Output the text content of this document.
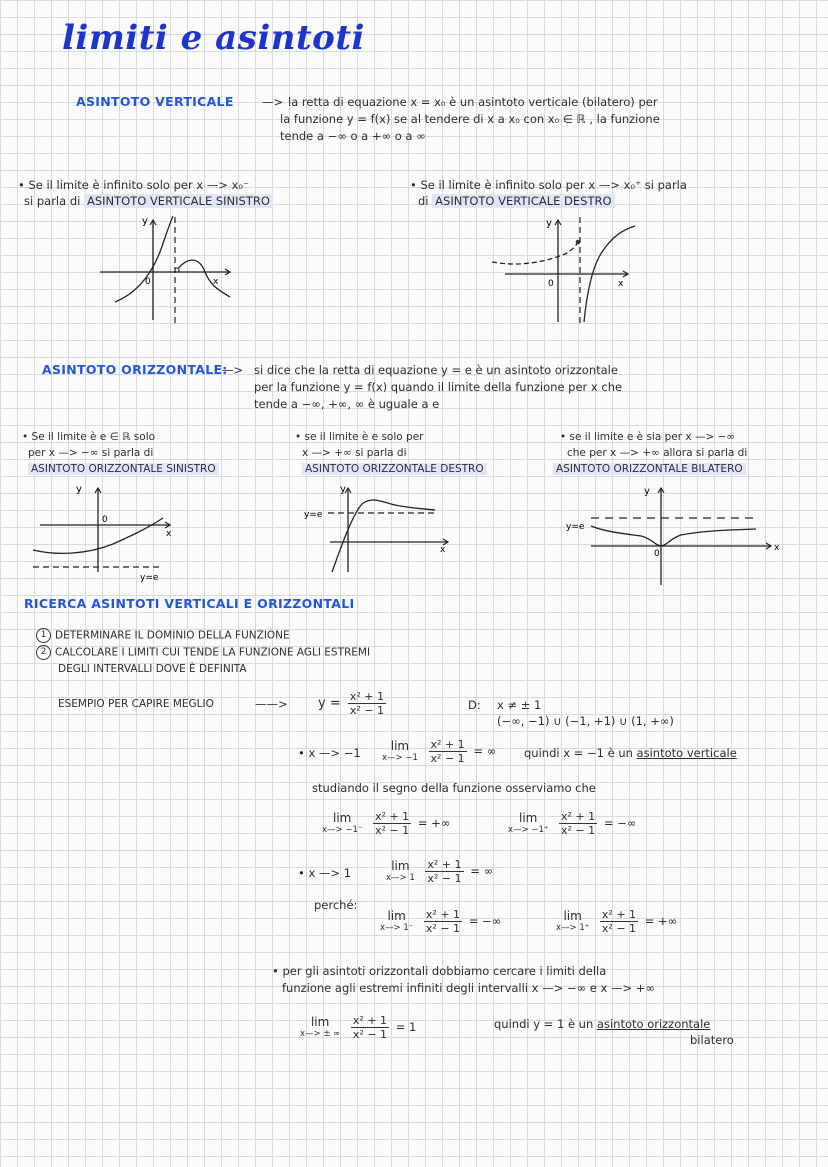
limiti e asintoti
ASINTOTO VERTICALE —> la retta di equazione x = x₀ è un asintoto verticale (bilatero) per
la funzione y = f(x) se al tendere di x a x₀ con x₀ ∈ ℝ , la funzione
tende a −∞ o a +∞ o a ∞
• Se il limite è infinito solo per x —> x₀⁻
si parla di ASINTOTO VERTICALE SINISTRO
• Se il limite è infinito solo per x —> x₀⁺ si parla
di ASINTOTO VERTICALE DESTRO
y
0	x
y
0	x
ASINTOTO ORIZZONTALE:
—> si dice che la retta di equazione y = e è un asintoto orizzontale
per la funzione y = f(x) quando il limite della funzione per x che
tende a −∞, +∞, ∞ è uguale a e
• Se il limite è e ∈ ℝ solo
per x —> −∞ si parla di
ASINTOTO ORIZZONTALE SINISTRO
• se il limite è e solo per
x —> +∞ si parla di
ASINTOTO ORIZZONTALE DESTRO
• se il limite e è sia per x —> −∞
che per x —> +∞ allora si parla di
ASINTOTO ORIZZONTALE BILATERO
y
0
x
y=e
y
y=e
x
y
y=e
0
x
RICERCA ASINTOTI VERTICALI E ORIZZONTALI
1 DETERMINARE IL DOMINIO DELLA FUNZIONE
2 CALCOLARE I LIMITI CUI TENDE LA FUNZIONE AGLI ESTREMI
DEGLI INTERVALLI DOVE È DEFINITA
ESEMPIO PER CAPIRE MEGLIO	——> $y = \frac{\text{x² + 1}}{\text{x² − 1}}$	D: x ≠ ± 1
(−∞, −1) ∪ (−1, +1) ∪ (1, +∞)
• x —> −1	lim
x—> −1
$\frac{\text{x² + 1}}{\text{x² − 1}}$ = ∞ quindi x = −1 è un asintoto verticale
studiando il segno della funzione osserviamo che
lim
x—> −1⁻
$\frac{\text{x² + 1}}{\text{x² − 1}}$ = +∞	lim
x—> −1⁺
$\frac{\text{x² + 1}}{\text{x² − 1}}$ = −∞
• x —> 1	lim
x—> 1
$\frac{\text{x² + 1}}{\text{x² − 1}}$ = ∞
perché:
lim
x—> 1⁻
$\frac{\text{x² + 1}}{\text{x² − 1}}$ = −∞	lim
x—> 1⁺
$\frac{\text{x² + 1}}{\text{x² − 1}}$ = +∞
• per gli asintoti orizzontali dobbiamo cercare i limiti della
funzione agli estremi infiniti degli intervalli x —> −∞ e x —> +∞
lim
x—> ± ∞
$\frac{\text{x² + 1}}{\text{x² − 1}} = 1$	quindi y = 1 è un asintoto orizzontale
bilatero
